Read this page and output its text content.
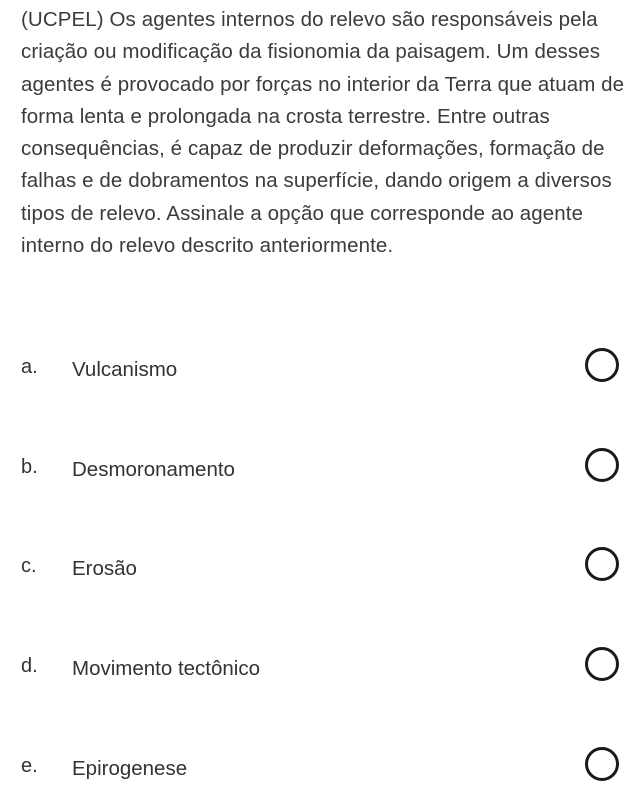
(UCPEL) Os agentes internos do relevo são responsáveis pela criação ou modificação da fisionomia da paisagem. Um desses agentes é provocado por forças no interior da Terra que atuam de forma lenta e prolongada na crosta terrestre. Entre outras consequências, é capaz de produzir deformações, formação de falhas e de dobramentos na superfície, dando origem a diversos tipos de relevo. Assinale a opção que corresponde ao agente interno do relevo descrito anteriormente.

a. Vulcanismo
b. Desmoronamento
c. Erosão
d. Movimento tectônico
e. Epirogenese
